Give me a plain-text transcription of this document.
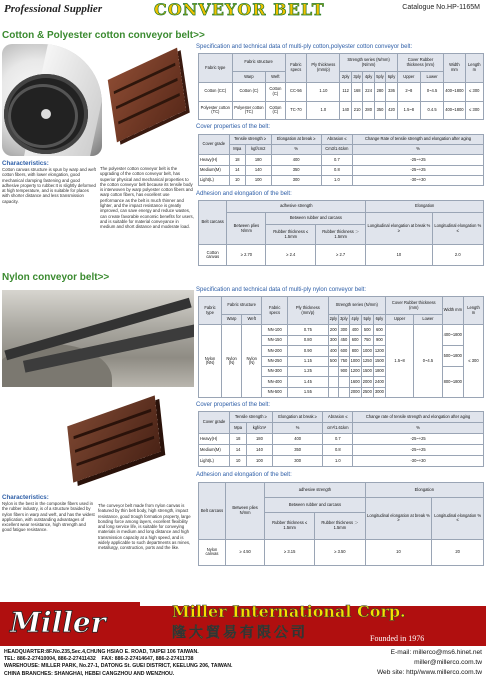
Professional Supplier	CONVEYOR BELT	Catalogue No.HP-1165M
Cotton & Polyester cotton conveyor belt>>
Specification and technical data of multi-ply cotton,polyester cotton conveyor belt:
Fabric type	Fabric structure		Fabric specs	Ply thickness (mm/p)	Strength series (N/mm) (N/mm)					Cover Rubber thickness (mm)		Width mm	Length m
	Warp	Weft			2ply	3ply	4ply	5ply	6ply	Upper	Lower		
Cotton (CC)	Cotton (C)	Cotton (C)	CC-56	1.10	112	168	224	280	336	2~8	0~4.5	400~1800	≤ 300
Polyester cotton (TC)	Polyester cotton (TC)	Cotton (C)	TC-70	1.0	140	210	280	350	420	1.5~8	0.4.5	400~1800	≤ 300
Cover properties of the belt:
Cover grade	Tensile strength ≥		Elongation at break ≥	Abrasion ≤	Change Rate of tensile strength and elongation after aging
	Mpa	kgf/cm2	%	Cm3/1.61km	%
Heavy(H)	18	180	400	0.7	-25~+25
Medium(M)	14	140	350	0.8	-25~+25
Light(L)	10	100	300	1.0	-30~+30
Adhesion and elongation of the belt:
Belt carcass	adhesive strength			Elongation	
	Between plies N/mm	Between rubber and carcass		Longitudinal elongation at break % ≥	Longitudinal elongation % ≤
		Rubber thickness ≤ 1.5mm	Rubber thickness ＞1.5mm		
Cotton canvas	≥ 2.70	≥ 2.4	≥ 2.7	10	2.0
Characteristics:
Cotton canvas structure is spun by warp and weft cotton fibers, with lower elongation, good mechanical clamping fastening and good adhesive property to rubber.It is slightly deformed at high temperature, and is suitable for places with shorter distance and less transmission capacity.
The polyester cotton conveyor belt is the upgrading of the cotton conveyor belt, has superior physical and mechanical properties to the cotton conveyor belt because its tensile body is interwoven by warp polyester cotton fibers and warp cotton fibers, has excellent use performance as the belt is much thinner and lighter, and the impact resistance is greatly improved, can save energy and reduce wastes, can create favorable economic benefits for users, and is suitable for material conveyance in medium and short distance and moderate load.
Nylon conveyor belt>>
Specification and technical data of multi-ply nylon conveyor belt:
Fabric type	Fabric structure		Fabric specs	Ply thickness (mm/p)	Strength series (N/mm)					Cover Rubber thickness (mm)		Width mm	Length m
	Warp	Weft			2ply	3ply	4ply	5ply	6ply	Upper	Lower		
Nylon (NN)	Nylon (N)	Nylon (N)	NN-100	0.75	200	300	400	500	600	1.5~8	0~4.5	400~1800	≤ 300
			NN-150	0.80	300	450	600	750	900				
			NN-200	0.90	400	600	800	1000	1200			500~1800	
			NN-250	1.15	500	750	1000	1250	1500				
			NN-300	1.25		900	1200	1500	1800			800~1800	
			NN-400	1.45			1600	2000	2400				
			NN-500	1.55			2000	2500	3000				
Cover properties of the belt:
Cover grade	Tensile strength ≥		Elongation at break ≥	Abrasion ≤	Change rate of tensile strength and elongation after aging
	Mpa	kgf/cm²	%	cm³/1.61km	%
Heavy(H)	18	180	400	0.7	-25~+25
Medium(M)	14	140	350	0.8	-25~+25
Light(L)	10	100	300	1.0	-30~+30
Adhesion and elongation of the belt:
Belt carcass	Between plies N/mm	adhesive strength		Elongation	
		Between rubber and carcass		Longitudinal elongation at break % ≥	Longitudinal elongation % ≤
		Rubber thickness ≤ 1.5mm	Rubber thickness ＞1.5mm		
Nylon canvas	≥ 4.50	≥ 3.15	≥ 3.50	10	20
Characteristics:
Nylon is the best in the composite fibers used in the rubber industry, is of a structure braided by nylon fibers in warp and weft, and has the widest application, with outstanding advantages of excellent wear resistance, high strength and good fatigue resistance.
The conveyor belt made from nylon canvas is featured by thin belt body, high strength, impact resistance, good trough formation property, large bonding force among layers, excellent flexibility and long service life, is suitable for conveying materials in medium and long distance and high transmission capacity at a high speed, and is widely applicable to such departments as mines, metallurgy, construction, ports and the like.
Miller	Miller International Corp.
隆大貿易有限公司	Founded in 1976
HEADQUARTER:8F.No.235,Sec.4,CHUNG HSIAO E. ROAD, TAIPEI 106 TAIWAN.
TEL: 886-2-27410004, 886-2-27411432 FAX: 886-2-27414647, 886-2-27411738
WAREHOUSE: MILLER PARK, No.27-1, DATONG St. GUEI DISTRICT, KEELUNG 206, TAIWAN.
CHINA BRANCHES: SHANGHAI, HEBEI CANGZHOU AND WENZHOU.
E-mail: millerco@ms6.hinet.net
miller@millerco.com.tw
Web site: http//www.millerco.com.tw
